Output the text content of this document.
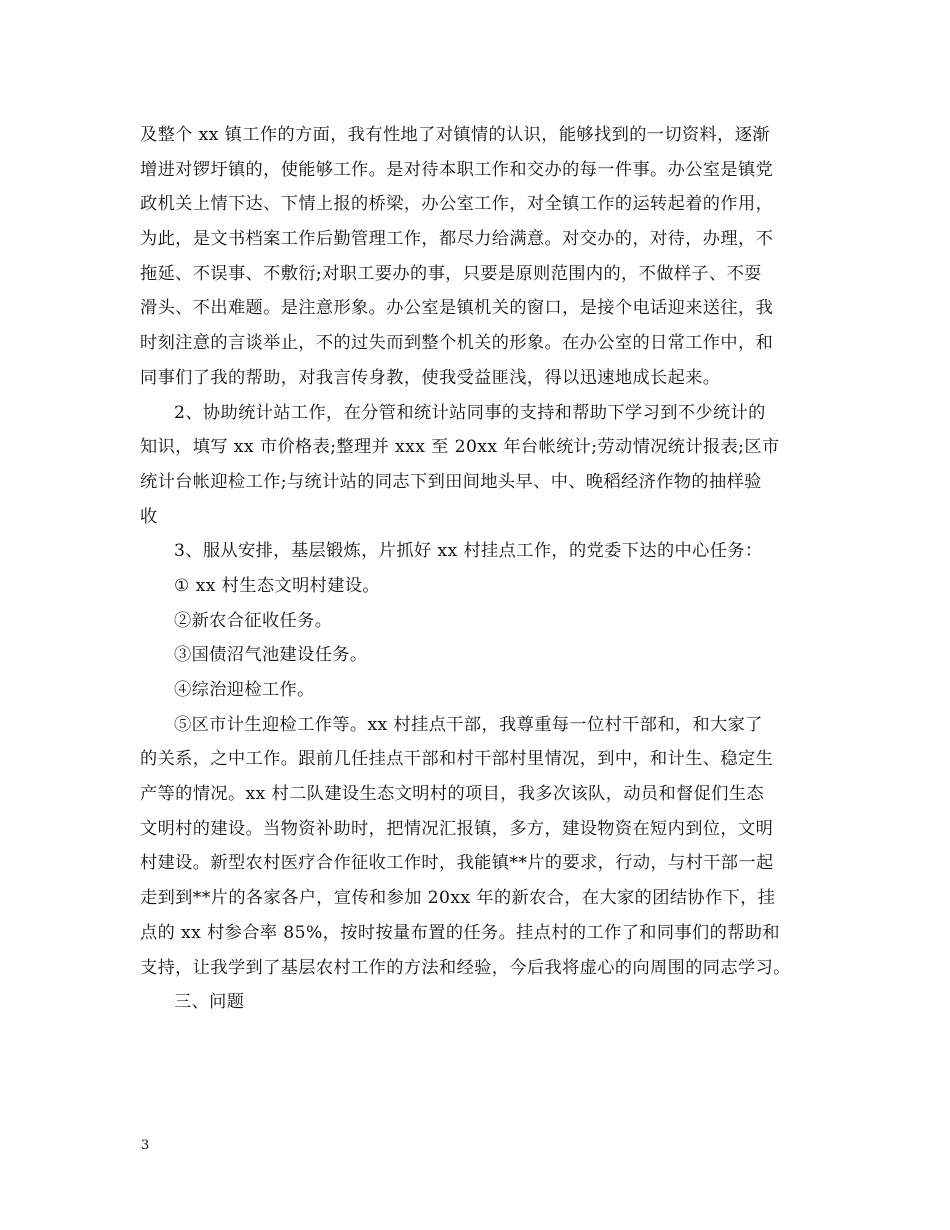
及整个 xx 镇工作的方面，我有性地了对镇情的认识，能够找到的一切资料，逐渐
增进对锣圩镇的，使能够工作。是对待本职工作和交办的每一件事。办公室是镇党
政机关上情下达、下情上报的桥梁，办公室工作，对全镇工作的运转起着的作用，
为此，是文书档案工作后勤管理工作，都尽力给满意。对交办的，对待，办理，不
拖延、不误事、不敷衍;对职工要办的事，只要是原则范围内的，不做样子、不耍
滑头、不出难题。是注意形象。办公室是镇机关的窗口，是接个电话迎来送往，我
时刻注意的言谈举止，不的过失而到整个机关的形象。在办公室的日常工作中，和
同事们了我的帮助，对我言传身教，使我受益匪浅，得以迅速地成长起来。
2、协助统计站工作，在分管和统计站同事的支持和帮助下学习到不少统计的
知识，填写 xx 市价格表;整理并 xxx 至 20xx 年台帐统计;劳动情况统计报表;区市
统计台帐迎检工作;与统计站的同志下到田间地头早、中、晚稻经济作物的抽样验
收
3、服从安排，基层锻炼，片抓好 xx 村挂点工作，的党委下达的中心任务：
① xx 村生态文明村建设。
②新农合征收任务。
③国债沼气池建设任务。
④综治迎检工作。
⑤区市计生迎检工作等。xx 村挂点干部，我尊重每一位村干部和，和大家了
的关系，之中工作。跟前几任挂点干部和村干部村里情况，到中，和计生、稳定生
产等的情况。xx 村二队建设生态文明村的项目，我多次该队，动员和督促们生态
文明村的建设。当物资补助时，把情况汇报镇，多方，建设物资在短内到位，文明
村建设。新型农村医疗合作征收工作时，我能镇**片的要求，行动，与村干部一起
走到到**片的各家各户，宣传和参加 20xx 年的新农合，在大家的团结协作下，挂
点的 xx 村参合率 85%，按时按量布置的任务。挂点村的工作了和同事们的帮助和
支持，让我学到了基层农村工作的方法和经验，今后我将虚心的向周围的同志学习。
三、问题
3
